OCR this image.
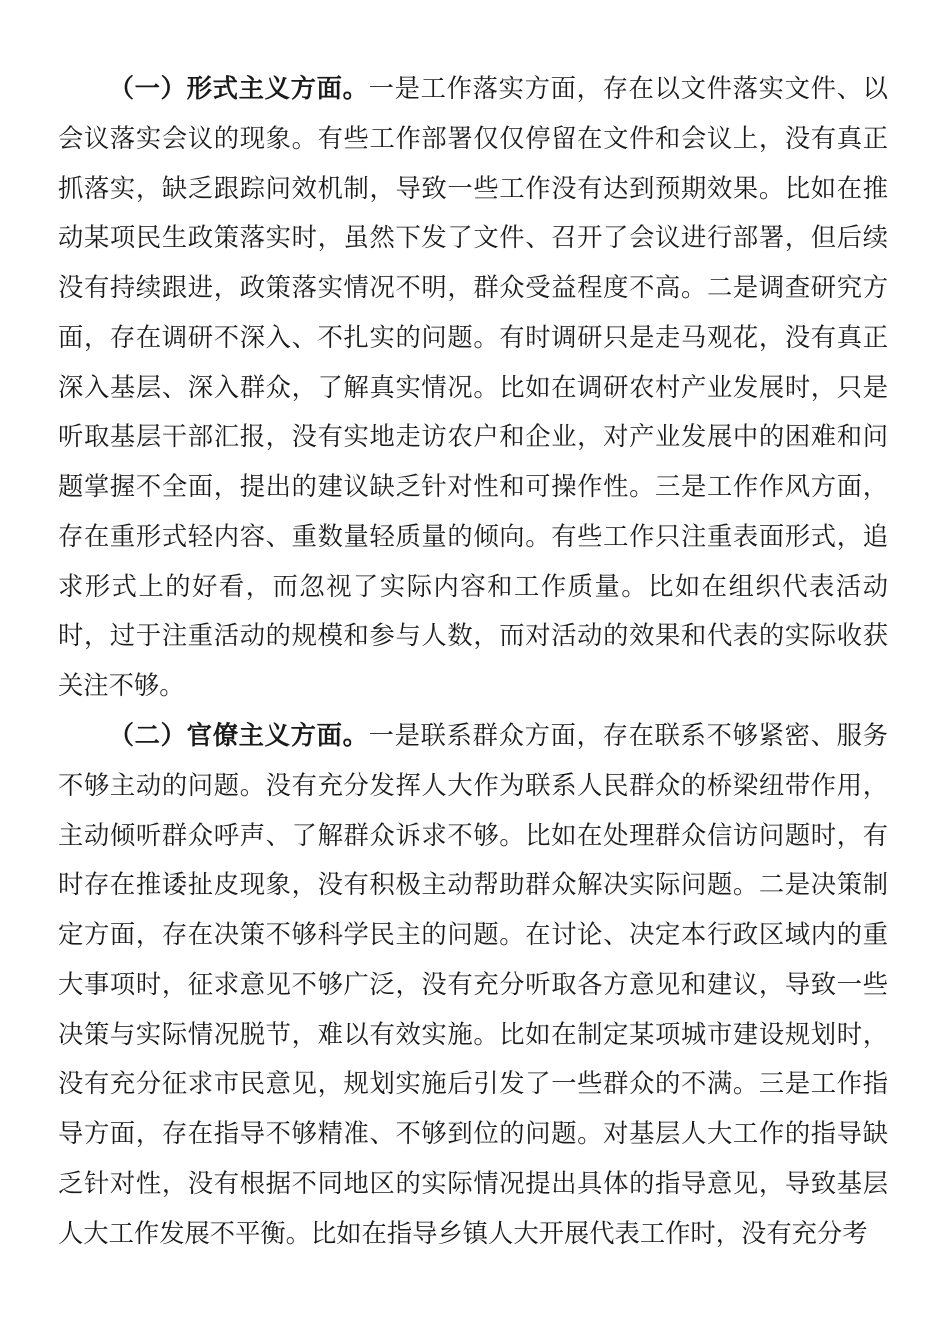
（一）形式主义方面。一是工作落实方面，存在以文件落实文件、以会议落实会议的现象。有些工作部署仅仅停留在文件和会议上，没有真正抓落实，缺乏跟踪问效机制，导致一些工作没有达到预期效果。比如在推动某项民生政策落实时，虽然下发了文件、召开了会议进行部署，但后续没有持续跟进，政策落实情况不明，群众受益程度不高。二是调查研究方面，存在调研不深入、不扎实的问题。有时调研只是走马观花，没有真正深入基层、深入群众，了解真实情况。比如在调研农村产业发展时，只是听取基层干部汇报，没有实地走访农户和企业，对产业发展中的困难和问题掌握不全面，提出的建议缺乏针对性和可操作性。三是工作作风方面，存在重形式轻内容、重数量轻质量的倾向。有些工作只注重表面形式，追求形式上的好看，而忽视了实际内容和工作质量。比如在组织代表活动时，过于注重活动的规模和参与人数，而对活动的效果和代表的实际收获关注不够。

（二）官僚主义方面。一是联系群众方面，存在联系不够紧密、服务不够主动的问题。没有充分发挥人大作为联系人民群众的桥梁纽带作用，主动倾听群众呼声、了解群众诉求不够。比如在处理群众信访问题时，有时存在推诿扯皮现象，没有积极主动帮助群众解决实际问题。二是决策制定方面，存在决策不够科学民主的问题。在讨论、决定本行政区域内的重大事项时，征求意见不够广泛，没有充分听取各方意见和建议，导致一些决策与实际情况脱节，难以有效实施。比如在制定某项城市建设规划时，没有充分征求市民意见，规划实施后引发了一些群众的不满。三是工作指导方面，存在指导不够精准、不够到位的问题。对基层人大工作的指导缺乏针对性，没有根据不同地区的实际情况提出具体的指导意见，导致基层人大工作发展不平衡。比如在指导乡镇人大开展代表工作时，没有充分考
